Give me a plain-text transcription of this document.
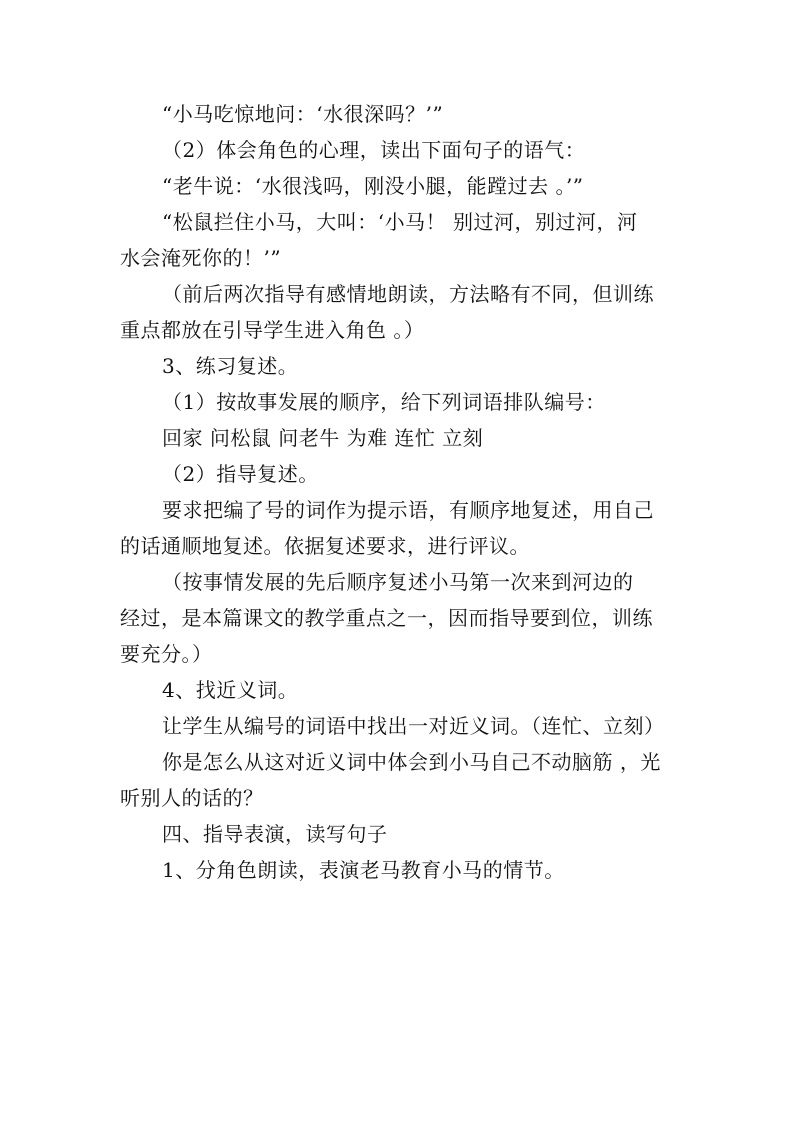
“小马吃惊地问：‘水很深吗？’”
（2）体会角色的心理，读出下面句子的语气：
“老牛说：‘水很浅吗，刚没小腿，能蹚过去 。’”
“松鼠拦住小马，大叫：‘小马！ 别过河，别过河，河
水会淹死你的！’”
（前后两次指导有感情地朗读，方法略有不同，但训练
重点都放在引导学生进入角色 。）
3、练习复述。
（1）按故事发展的顺序，给下列词语排队编号：
回家 问松鼠 问老牛 为难 连忙 立刻
（2）指导复述。
要求把编了号的词作为提示语，有顺序地复述，用自己
的话通顺地复述。依据复述要求，进行评议。
（按事情发展的先后顺序复述小马第一次来到河边的
经过，是本篇课文的教学重点之一，因而指导要到位，训练
要充分。）
4、找近义词。
让学生从编号的词语中找出一对近义词。（连忙、立刻）
你是怎么从这对近义词中体会到小马自己不动脑筋 ，光
听别人的话的？
四、指导表演，读写句子
1、分角色朗读，表演老马教育小马的情节。
